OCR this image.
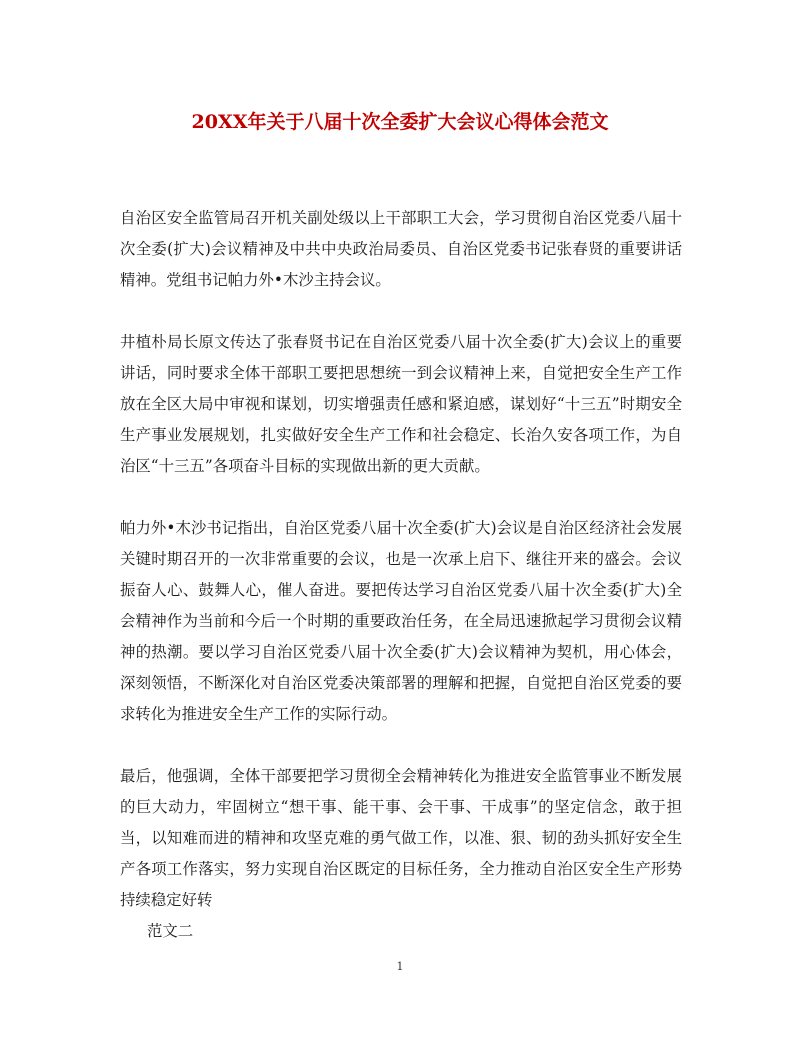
20XX年关于八届十次全委扩大会议心得体会范文

自治区安全监管局召开机关副处级以上干部职工大会，学习贯彻自治区党委八届十次全委(扩大)会议精神及中共中央政治局委员、自治区党委书记张春贤的重要讲话精神。党组书记帕力外•木沙主持会议。

井植朴局长原文传达了张春贤书记在自治区党委八届十次全委(扩大)会议上的重要讲话，同时要求全体干部职工要把思想统一到会议精神上来，自觉把安全生产工作放在全区大局中审视和谋划，切实增强责任感和紧迫感，谋划好“十三五”时期安全生产事业发展规划，扎实做好安全生产工作和社会稳定、长治久安各项工作，为自治区“十三五”各项奋斗目标的实现做出新的更大贡献。

帕力外•木沙书记指出，自治区党委八届十次全委(扩大)会议是自治区经济社会发展关键时期召开的一次非常重要的会议，也是一次承上启下、继往开来的盛会。会议振奋人心、鼓舞人心，催人奋进。要把传达学习自治区党委八届十次全委(扩大)全会精神作为当前和今后一个时期的重要政治任务，在全局迅速掀起学习贯彻会议精神的热潮。要以学习自治区党委八届十次全委(扩大)会议精神为契机，用心体会，深刻领悟，不断深化对自治区党委决策部署的理解和把握，自觉把自治区党委的要求转化为推进安全生产工作的实际行动。

最后，他强调，全体干部要把学习贯彻全会精神转化为推进安全监管事业不断发展的巨大动力，牢固树立“想干事、能干事、会干事、干成事”的坚定信念，敢于担当，以知难而进的精神和攻坚克难的勇气做工作，以准、狠、韧的劲头抓好安全生产各项工作落实，努力实现自治区既定的目标任务，全力推动自治区安全生产形势持续稳定好转

范文二

1
